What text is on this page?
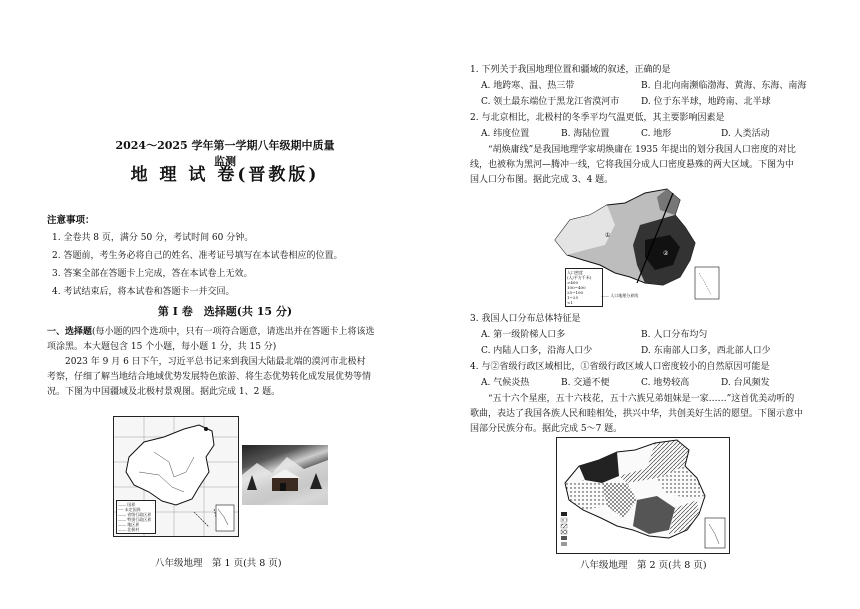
2024～2025 学年第一学期八年级期中质量监测
地 理 试 卷(晋教版)
注意事项：
1. 全卷共 8 页，满分 50 分，考试时间 60 分钟。
2. 答题前，考生务必将自己的姓名、准考证号填写在本试卷相应的位置。
3. 答案全部在答题卡上完成，答在本试卷上无效。
4. 考试结束后，将本试卷和答题卡一并交回。
第 Ⅰ 卷　选择题(共 15 分)
一、选择题(每小题的四个选项中，只有一项符合题意，请选出并在答题卡上将该选
项涂黑。本大题包含 15 个小题，每小题 1 分，共 15 分)
2023 年 9 月 6 日下午，习近平总书记来到我国大陆最北端的漠河市北极村
考察，仔细了解当地结合地域优势发展特色旅游、将生态优势转化成发展优势等情
况。下图为中国疆域及北极村景观图。据此完成 1、2 题。
—— 国界
---- 未定国界
—— 省级行政区界
—— 特别行政区界
—— 地区界
—— 北极村
八年级地理　第 1 页(共 8 页)
1. 下列关于我国地理位置和疆域的叙述，正确的是
A. 地跨寒、温、热三带	B. 自北向南濒临渤海、黄海、东海、南海
C. 领土最东端位于黑龙江省漠河市 D. 位于东半球，地跨南、北半球
2. 与北京相比，北极村的冬季平均气温更低，其主要影响因素是
A. 纬度位置	B. 海陆位置	C. 地形	D. 人类活动
“胡焕庸线”是我国地理学家胡焕庸在 1935 年提出的划分我国人口密度的对比
线，也被称为黑河—腾冲一线，它将我国分成人口密度悬殊的两大区域。下图为中
国人口分布图。据此完成 3、4 题。
①
②
人口密度
(人/平方千米)
>400
100~400
25~100
1~25
<1
—— 人口地理分界线
3. 我国人口分布总体特征是
A. 第一级阶梯人口多	B. 人口分布均匀
C. 内陆人口多，沿海人口少	D. 东南部人口多，西北部人口少
4. 与②省级行政区域相比，①省级行政区域人口密度较小的自然原因可能是
A. 气候炎热	B. 交通不便	C. 地势较高	D. 台风频发
“五十六个星座，五十六枝花，五十六族兄弟姐妹是一家……”这首优美动听的
歌曲，表达了我国各族人民和睦相处，拱兴中华，共创美好生活的愿望。下图示意中
国部分民族分布。据此完成 5～7 题。
八年级地理　第 2 页(共 8 页)
